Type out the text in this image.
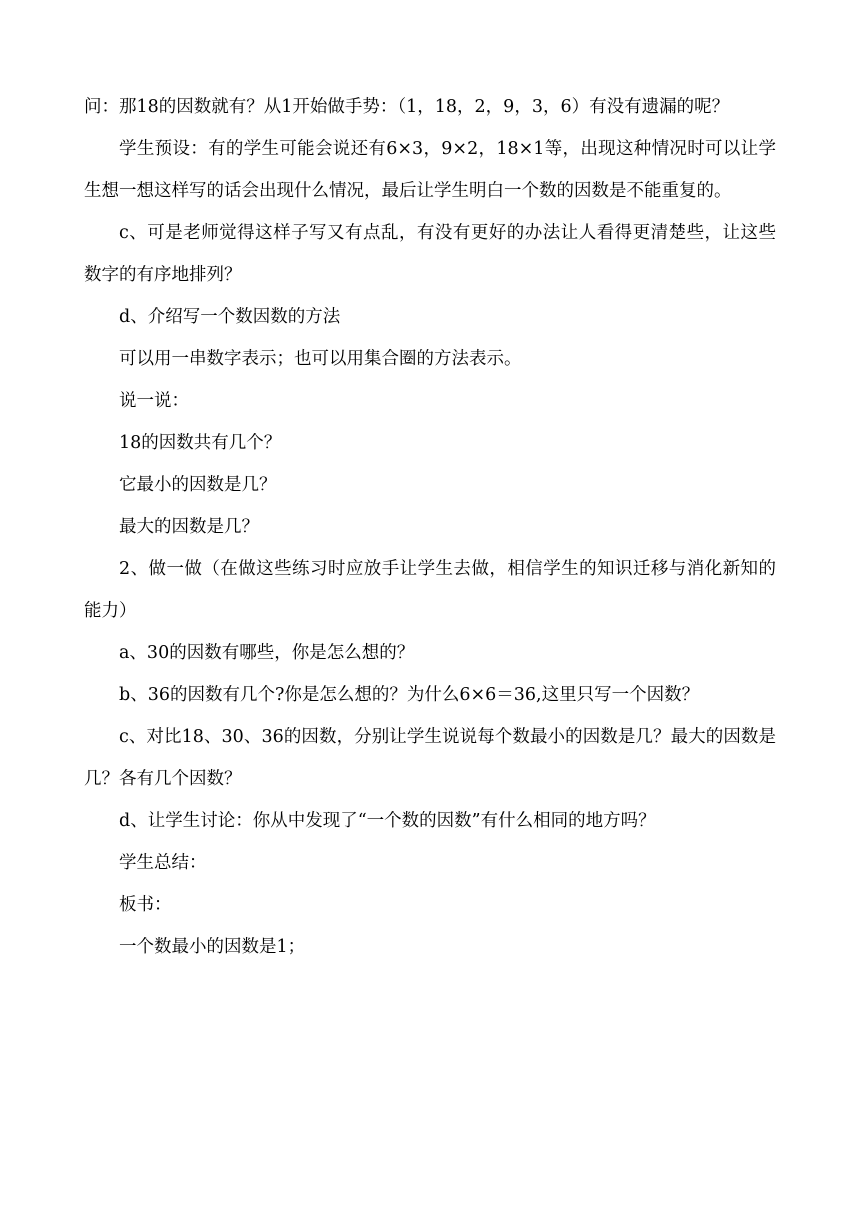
问：那18的因数就有？从1开始做手势：（1，18，2，9，3，6）有没有遗漏的呢？

学生预设：有的学生可能会说还有6×3，9×2，18×1等，出现这种情况时可以让学生想一想这样写的话会出现什么情况，最后让学生明白一个数的因数是不能重复的。

c、可是老师觉得这样子写又有点乱，有没有更好的办法让人看得更清楚些，让这些数字的有序地排列？

d、介绍写一个数因数的方法

可以用一串数字表示；也可以用集合圈的方法表示。

说一说：

18的因数共有几个？

它最小的因数是几？

最大的因数是几？

2、做一做（在做这些练习时应放手让学生去做，相信学生的知识迁移与消化新知的能力）

a、30的因数有哪些，你是怎么想的？

b、36的因数有几个?你是怎么想的？为什么6×6＝36,这里只写一个因数？

c、对比18、30、36的因数，分别让学生说说每个数最小的因数是几？最大的因数是几？各有几个因数？

d、让学生讨论：你从中发现了“一个数的因数”有什么相同的地方吗？

学生总结：

板书：

一个数最小的因数是1；
